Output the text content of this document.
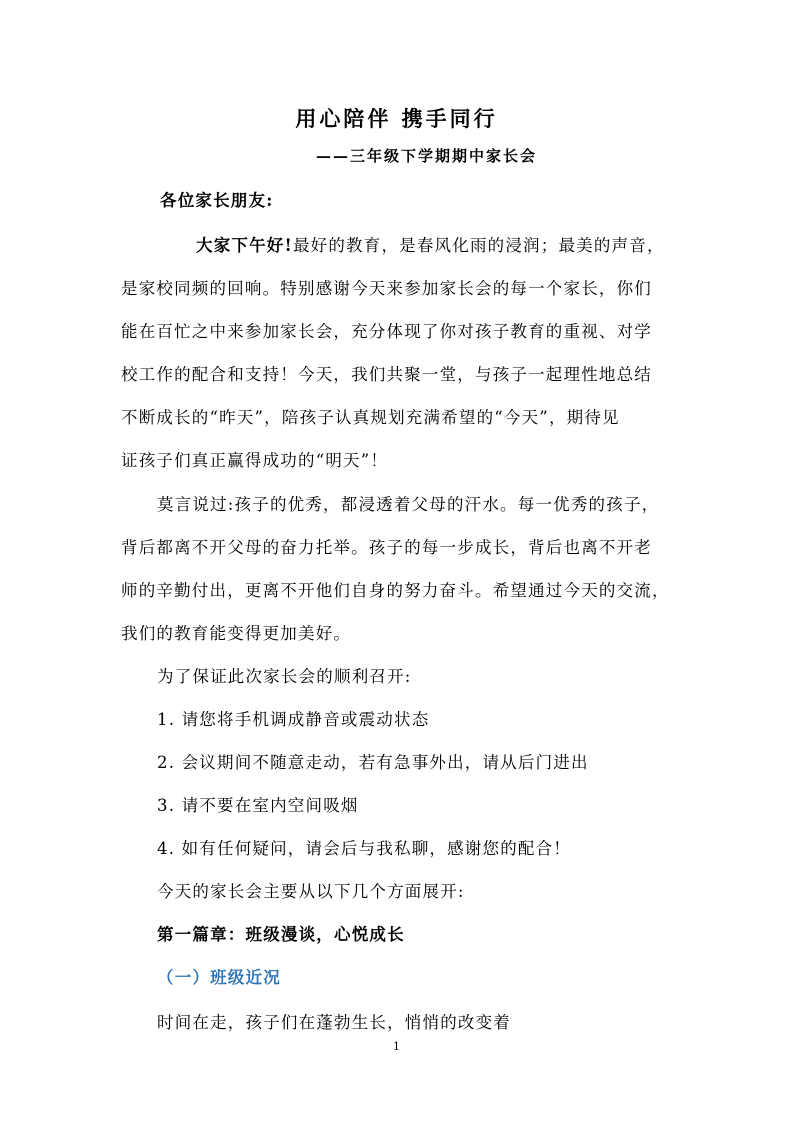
用心陪伴 携手同行
——三年级下学期期中家长会
各位家长朋友:
大家下午好!最好的教育，是春风化雨的浸润；最美的声音，
是家校同频的回响。特别感谢今天来参加家长会的每一个家长，你们
能在百忙之中来参加家长会，充分体现了你对孩子教育的重视、对学
校工作的配合和支持！今天，我们共聚一堂，与孩子一起理性地总结
不断成长的“昨天”，陪孩子认真规划充满希望的“今天”，期待见
证孩子们真正赢得成功的“明天”！
莫言说过:孩子的优秀，都浸透着父母的汗水。每一优秀的孩子，
背后都离不开父母的奋力托举。孩子的每一步成长，背后也离不开老
师的辛勤付出，更离不开他们自身的努力奋斗。希望通过今天的交流，
我们的教育能变得更加美好。
为了保证此次家长会的顺利召开:
1. 请您将手机调成静音或震动状态
2. 会议期间不随意走动，若有急事外出，请从后门进出
3. 请不要在室内空间吸烟
4. 如有任何疑问，请会后与我私聊，感谢您的配合！
今天的家长会主要从以下几个方面展开:
第一篇章：班级漫谈，心悦成长
（一）班级近况
时间在走，孩子们在蓬勃生长，悄悄的改变着
1
